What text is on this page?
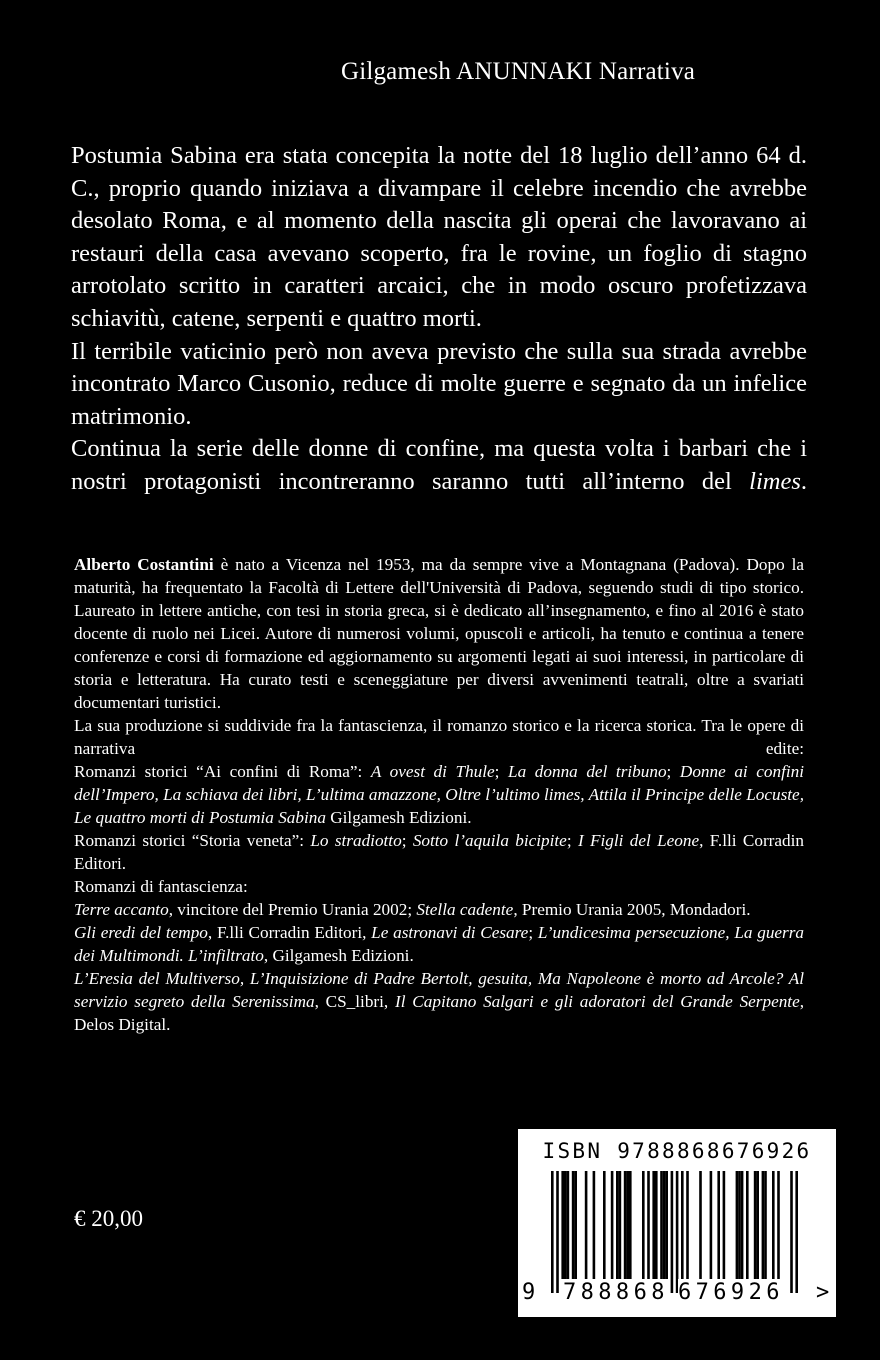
Gilgamesh ANUNNAKI Narrativa

Postumia Sabina era stata concepita la notte del 18 luglio dell’anno 64 d. C., proprio quando iniziava a divampare il celebre incendio che avrebbe desolato Roma, e al momento della nascita gli operai che lavoravano ai restauri della casa avevano scoperto, fra le rovine, un foglio di stagno arrotolato scritto in caratteri arcaici, che in modo oscuro profetizzava schiavitù, catene, serpenti e quattro morti.

Il terribile vaticinio però non aveva previsto che sulla sua strada avrebbe incontrato Marco Cusonio, reduce di molte guerre e segnato da un infelice matrimonio.

Continua la serie delle donne di confine, ma questa volta i barbari che i nostri protagonisti incontreranno saranno tutti all’interno del limes.

Alberto Costantini è nato a Vicenza nel 1953, ma da sempre vive a Montagnana (Padova). Dopo la maturità, ha frequentato la Facoltà di Lettere dell'Università di Padova, seguendo studi di tipo storico. Laureato in lettere antiche, con tesi in storia greca, si è dedicato all’insegnamento, e fino al 2016 è stato docente di ruolo nei Licei. Autore di numerosi volumi, opuscoli e articoli, ha tenuto e continua a tenere conferenze e corsi di formazione ed aggiornamento su argomenti legati ai suoi interessi, in particolare di storia e letteratura. Ha curato testi e sceneggiature per diversi avvenimenti teatrali, oltre a svariati documentari turistici.

La sua produzione si suddivide fra la fantascienza, il romanzo storico e la ricerca storica. Tra le opere di narrativa edite:

Romanzi storici “Ai confini di Roma”: A ovest di Thule; La donna del tribuno; Donne ai confini dell’Impero, La schiava dei libri, L’ultima amazzone, Oltre l’ultimo limes, Attila il Principe delle Locuste, Le quattro morti di Postumia Sabina Gilgamesh Edizioni.

Romanzi storici “Storia veneta”: Lo stradiotto; Sotto l’aquila bicipite; I Figli del Leone, F.lli Corradin Editori.

Romanzi di fantascienza:

Terre accanto, vincitore del Premio Urania 2002; Stella cadente, Premio Urania 2005, Mondadori.

Gli eredi del tempo, F.lli Corradin Editori, Le astronavi di Cesare; L’undicesima persecuzione, La guerra dei Multimondi. L’infiltrato, Gilgamesh Edizioni.

L’Eresia del Multiverso, L’Inquisizione di Padre Bertolt, gesuita, Ma Napoleone è morto ad Arcole? Al servizio segreto della Serenissima, CS_libri, Il Capitano Salgari e gli adoratori del Grande Serpente, Delos Digital.

€ 20,00
ISBN 9788868676926
9 788868 676926 >
